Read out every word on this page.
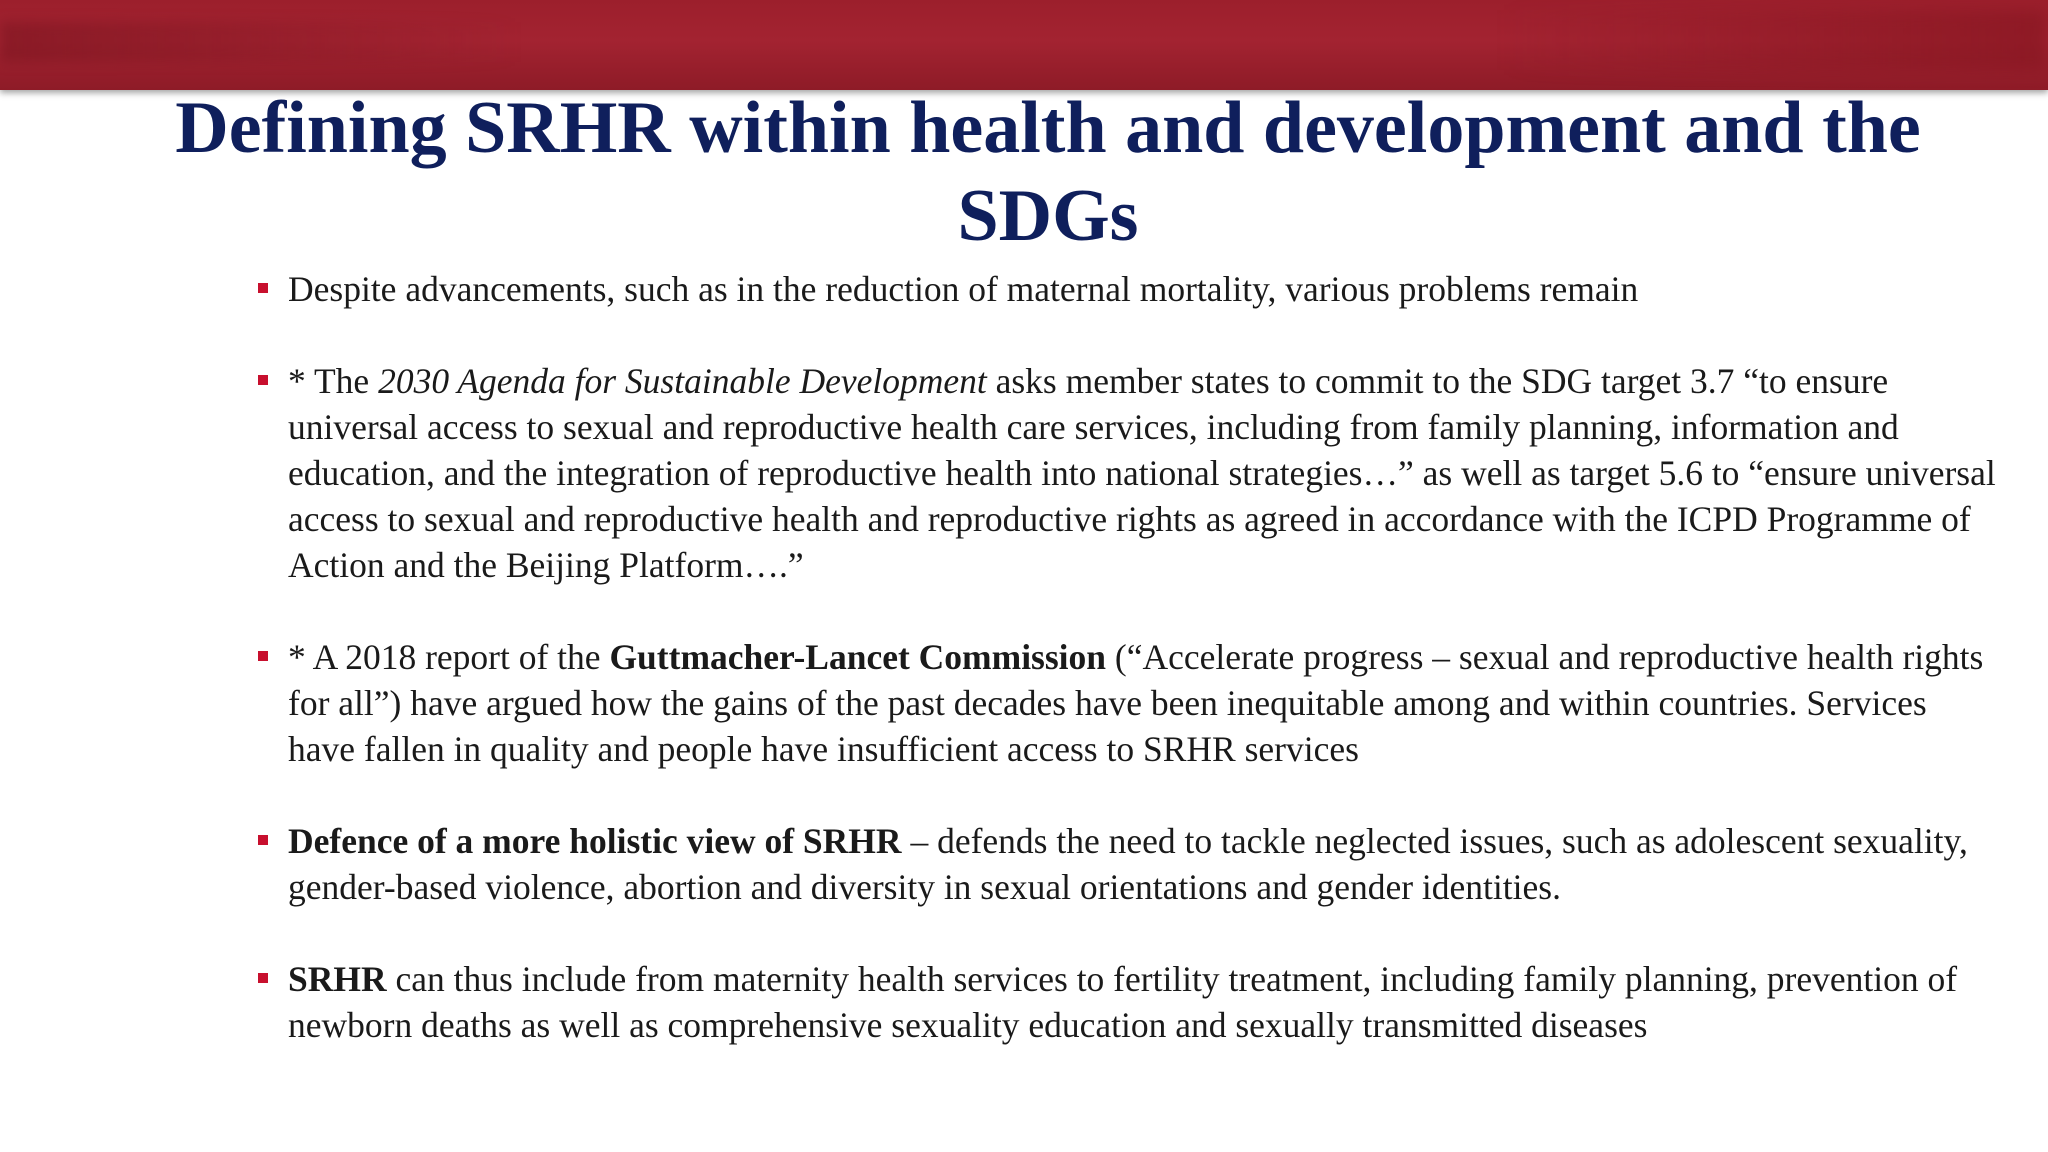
Defining SRHR within health and development and the SDGs
Despite advancements, such as in the reduction of maternal mortality, various problems remain
* The 2030 Agenda for Sustainable Development asks member states to commit to the SDG target 3.7 “to ensure universal access to sexual and reproductive health care services, including from family planning, information and education, and the integration of reproductive health into national strategies…” as well as target 5.6 to “ensure universal access to sexual and reproductive health and reproductive rights as agreed in accordance with the ICPD Programme of Action and the Beijing Platform….”
* A 2018 report of the Guttmacher-Lancet Commission (“Accelerate progress – sexual and reproductive health rights for all”) have argued how the gains of the past decades have been inequitable among and within countries. Services have fallen in quality and people have insufficient access to SRHR services
Defence of a more holistic view of SRHR – defends the need to tackle neglected issues, such as adolescent sexuality, gender-based violence, abortion and diversity in sexual orientations and gender identities.
SRHR can thus include from maternity health services to fertility treatment, including family planning, prevention of newborn deaths as well as comprehensive sexuality education and sexually transmitted diseases
